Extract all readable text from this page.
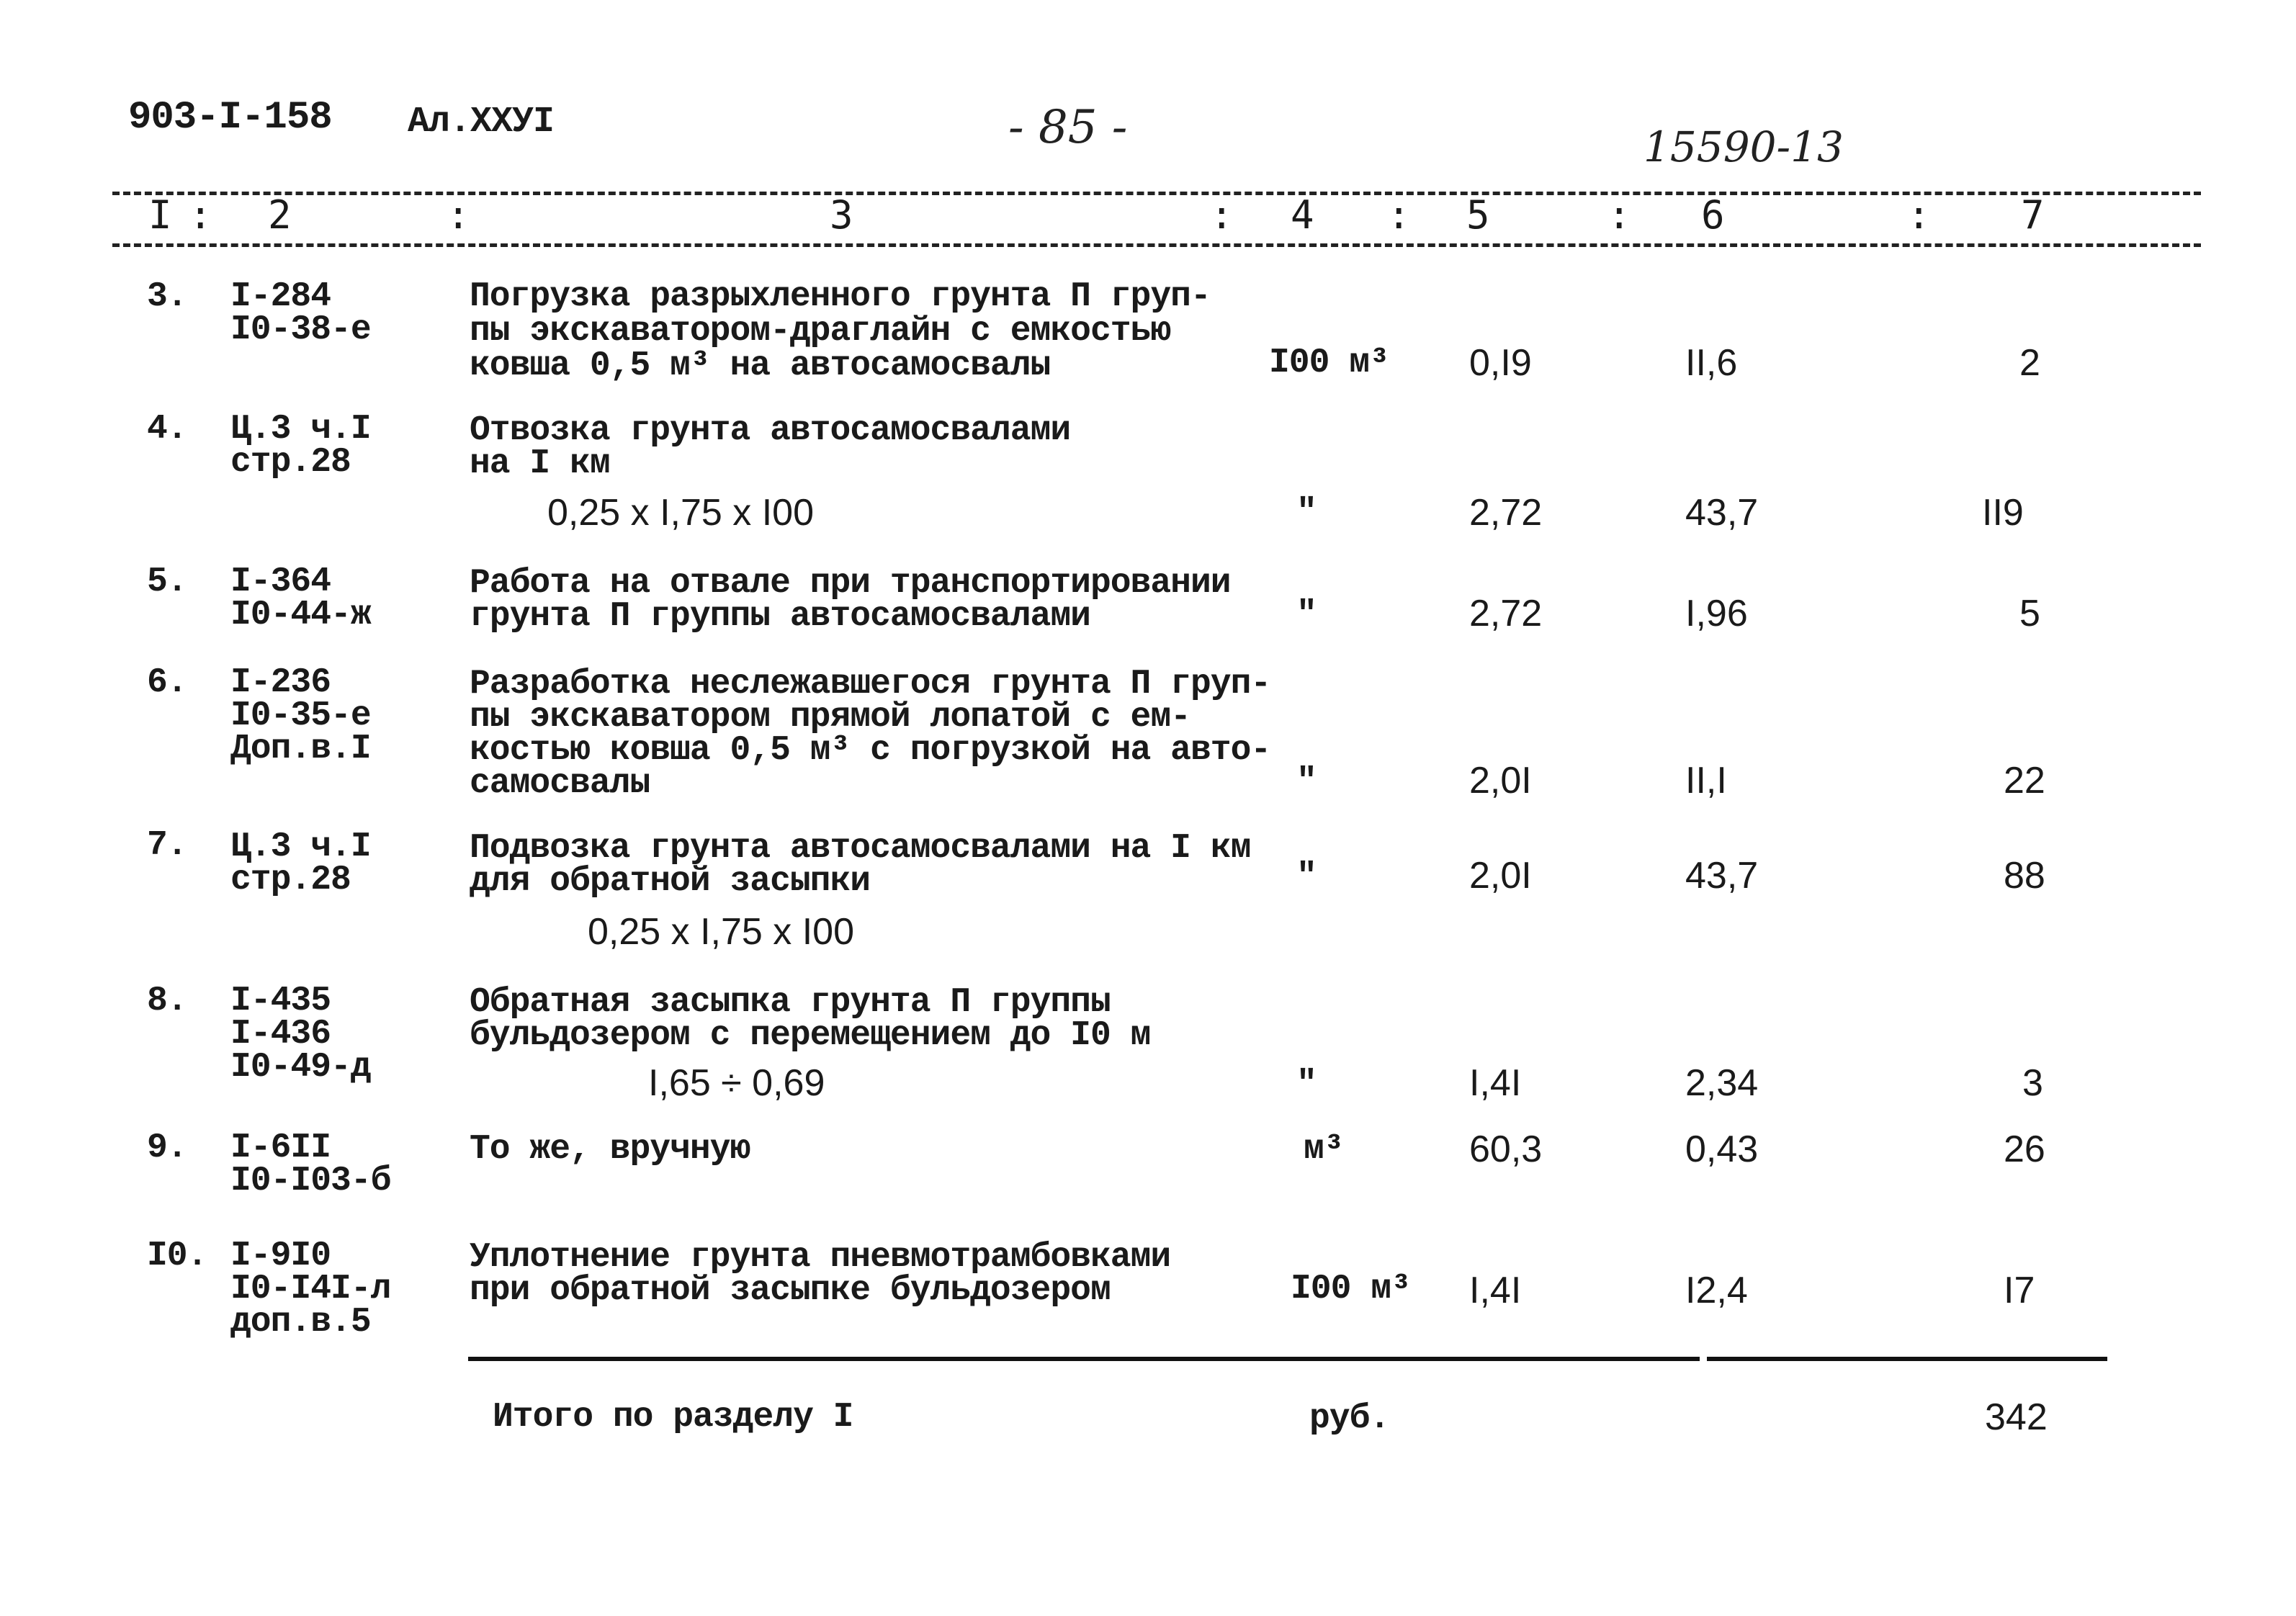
903-I-158 Ал.XXУI	- 85 -	15590-13
I : 2	:	3	: 4 : 5	: 6	: 7
3. I-284
I0-38-е
Погрузка разрыхленного грунта П груп-
пы экскаватором-драглайн с емкостью
ковша 0,5 м³ на автосамосвалы	I00 м³ 0,I9	II,6	2
4. Ц.3 ч.I
стр.28
Отвозка грунта автосамосвалами
на I км
0,25 х I,75 х I00	"	2,72	43,7	II9
5. I-364
I0-44-ж
Работа на отвале при транспортировании
грунта П группы автосамосвалами	"	2,72	I,96	5
6. I-236
I0-35-е
Доп.в.I
Разработка неслежавшегося грунта П груп-
пы экскаватором прямой лопатой с ем-
костью ковша 0,5 м³ с погрузкой на авто-
самосвалы	"	2,0I	II,I	22
7. Ц.3 ч.I
стр.28
Подвозка грунта автосамосвалами на I км
для обратной засыпки
0,25 х I,75 х I00
"	2,0I	43,7	88
8. I-435
I-436
I0-49-д
Обратная засыпка грунта П группы
бульдозером с перемещением до I0 м
I,65 ÷ 0,69	"	I,4I	2,34	3
9. I-6II
I0-I03-б
То же, вручную	м³	60,3	0,43	26
I0. I-9I0
I0-I4I-л
доп.в.5
Уплотнение грунта пневмотрамбовками
при обратной засыпке бульдозером	I00 м³ I,4I	I2,4	I7
Итого по разделу I	руб.	342
